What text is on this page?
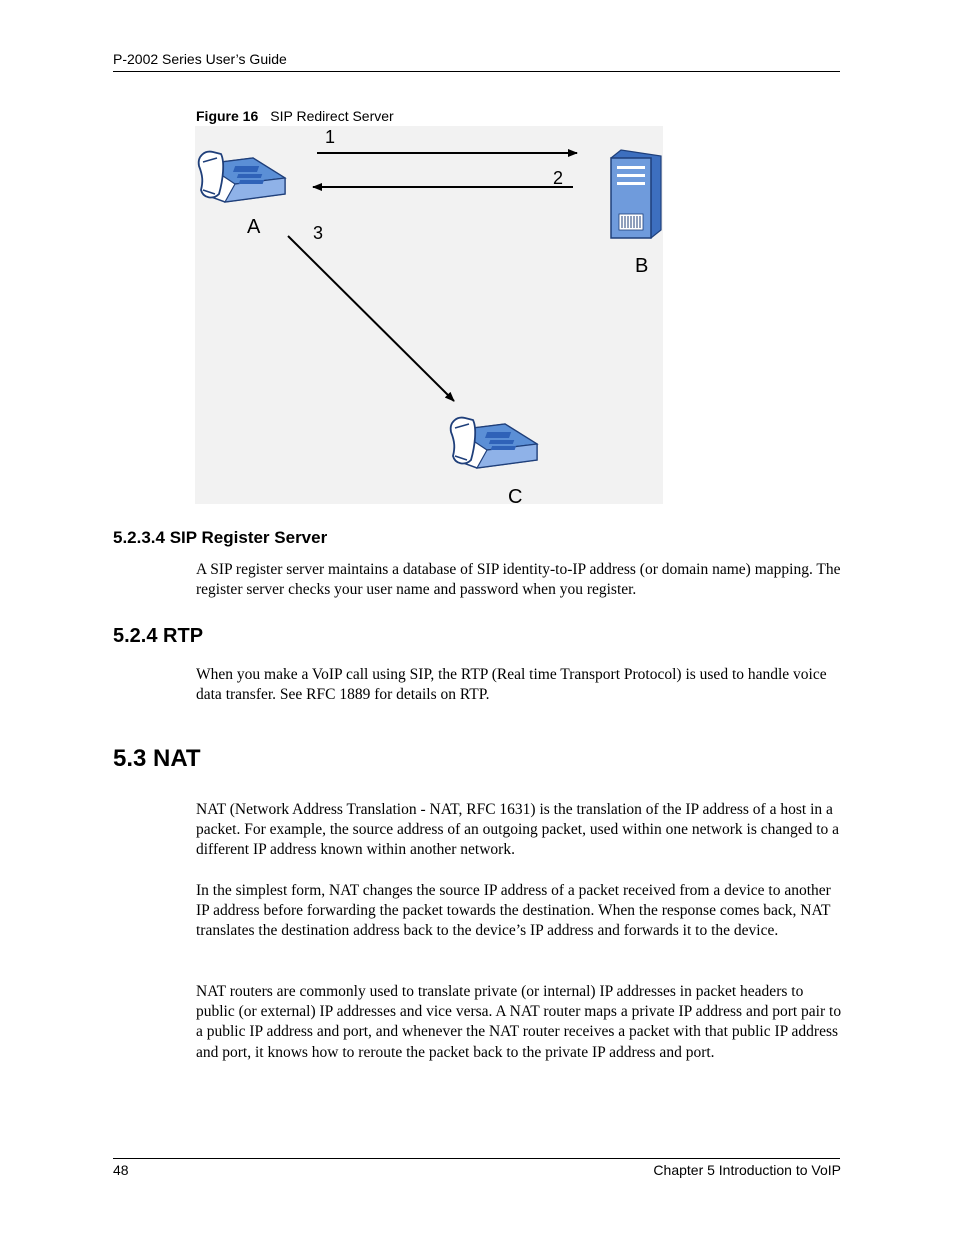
P-2002 Series User’s Guide
Figure 16 SIP Redirect Server
A
B
C
1
2
3
5.2.3.4 SIP Register Server

A SIP register server maintains a database of SIP identity-to-IP address (or domain name) mapping. The register server checks your user name and password when you register.

5.2.4 RTP

When you make a VoIP call using SIP, the RTP (Real time Transport Protocol) is used to handle voice data transfer. See RFC 1889 for details on RTP.

5.3 NAT

NAT (Network Address Translation - NAT, RFC 1631) is the translation of the IP address of a host in a packet. For example, the source address of an outgoing packet, used within one network is changed to a different IP address known within another network.

In the simplest form, NAT changes the source IP address of a packet received from a device to another IP address before forwarding the packet towards the destination. When the response comes back, NAT translates the destination address back to the device’s IP address and forwards it to the device.

NAT routers are commonly used to translate private (or internal) IP addresses in packet headers to public (or external) IP addresses and vice versa. A NAT router maps a private IP address and port pair to a public IP address and port, and whenever the NAT router receives a packet with that public IP address and port, it knows how to reroute the packet back to the private IP address and port.

48	Chapter 5 Introduction to VoIP
